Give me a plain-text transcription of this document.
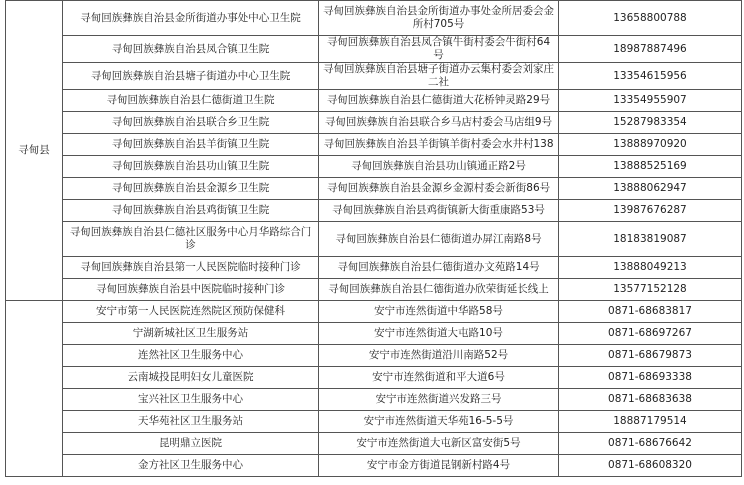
寻甸县	寻甸回族彝族自治县金所街道办事处中心卫生院	寻甸回族彝族自治县金所街道办事处金所居委会金所村705号	13658800788
	寻甸回族彝族自治县凤合镇卫生院	寻甸回族彝族自治县凤合镇牛街村委会牛街村64号	18987887496
	寻甸回族彝族自治县塘子街道办中心卫生院	寻甸回族彝族自治县塘子街道办云集村委会刘家庄二社	13354615956
	寻甸回族彝族自治县仁德街道卫生院	寻甸回族彝族自治县仁德街道大花桥钟灵路29号	13354955907
	寻甸回族彝族自治县联合乡卫生院	寻甸回族彝族自治县联合乡马店村委会马店组9号	15287983354
	寻甸回族彝族自治县羊街镇卫生院	寻甸回族彝族自治县羊街镇羊街村委会水井村138	13888970920
	寻甸回族彝族自治县功山镇卫生院	寻甸回族彝族自治县功山镇通正路2号	13888525169
	寻甸回族彝族自治县金源乡卫生院	寻甸回族彝族自治县金源乡金源村委会新街86号	13888062947
	寻甸回族彝族自治县鸡街镇卫生院	寻甸回族彝族自治县鸡街镇新大街重康路53号	13987676287
	寻甸回族彝族自治县仁德社区服务中心月华路综合门诊	寻甸回族彝族自治县仁德街道办屏江南路8号	18183819087
	寻甸回族彝族自治县第一人民医院临时接种门诊	寻甸回族彝族自治县仁德街道办文苑路14号	13888049213
	寻甸回族彝族自治县中医院临时接种门诊	寻甸回族彝族自治县仁德街道办欣荣街延长线上	13577152128
	安宁市第一人民医院连然院区预防保健科	安宁市连然街道中华路58号	0871-68683817
	宁湖新城社区卫生服务站	安宁市连然街道大屯路10号	0871-68697267
	连然社区卫生服务中心	安宁市连然街道沿川南路52号	0871-68679873
	云南城投昆明妇女儿童医院	安宁市连然街道和平大道6号	0871-68693338
	宝兴社区卫生服务中心	安宁市连然街道兴发路三号	0871-68683638
	天华苑社区卫生服务站	安宁市连然街道天华苑16-5-5号	18887179514
	昆明鼎立医院	安宁市连然街道大屯新区富安街5号	0871-68676642
	金方社区卫生服务中心	安宁市金方街道昆钢新村路4号	0871-68608320
